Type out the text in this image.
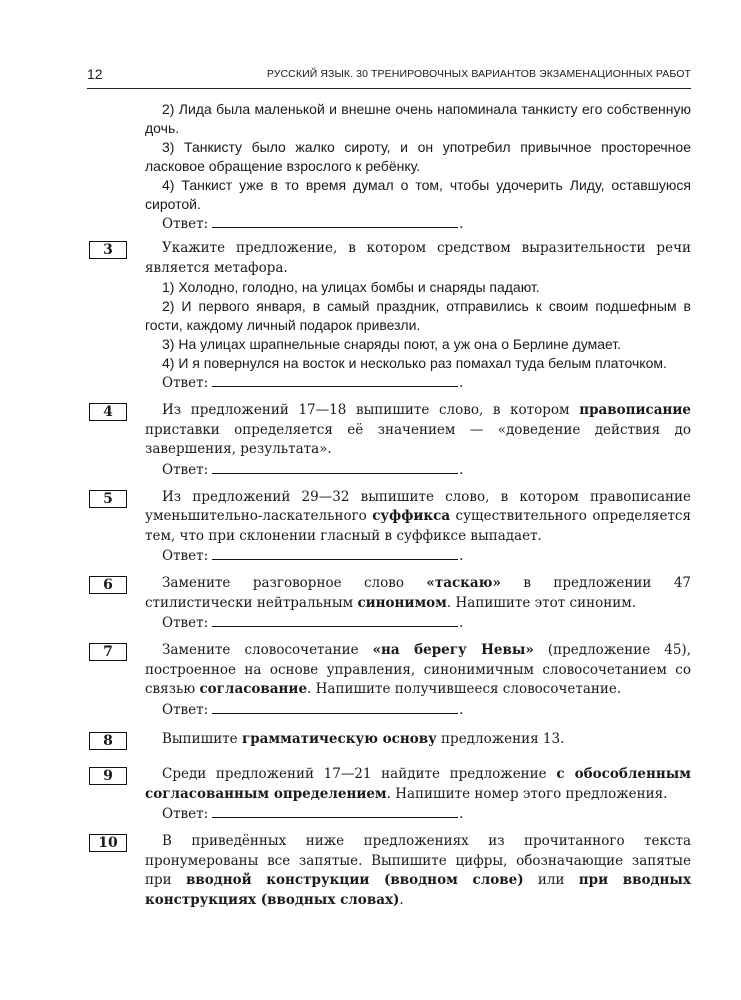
12	РУССКИЙ ЯЗЫК. 30 ТРЕНИРОВОЧНЫХ ВАРИАНТОВ ЭКЗАМЕНАЦИОННЫХ РАБОТ

2) Лида была маленькой и внешне очень напоминала танкисту его собственную дочь.

3) Танкисту было жалко сироту, и он употребил привычное просторечное ласковое обращение взрослого к ребёнку.

4) Танкист уже в то время думал о том, чтобы удочерить Лиду, оставшуюся сиротой.

Ответ:	.
3	Укажите предложение, в котором средством выразительности речи является метафора.

1) Холодно, голодно, на улицах бомбы и снаряды падают.

2) И первого января, в самый праздник, отправились к своим подшефным в гости, каждому личный подарок привезли.

3) На улицах шрапнельные снаряды поют, а уж она о Берлине думает.

4) И я повернулся на восток и несколько раз помахал туда белым платочком.

Ответ:	.
4	Из предложений 17—18 выпишите слово, в котором правописание приставки определяется её значением — «доведение действия до завершения, результата».

Ответ:	.
5	Из предложений 29—32 выпишите слово, в котором правописание уменьшительно-ласкательного суффикса существительного определяется тем, что при склонении гласный в суффиксе выпадает.

Ответ:	.
6	Замените разговорное слово «таскаю» в предложении 47 стилистически нейтральным синонимом. Напишите этот синоним.

Ответ:	.
7	Замените словосочетание «на берегу Невы» (предложение 45), построенное на основе управления, синонимичным словосочетанием со связью согласование. Напишите получившееся словосочетание.

Ответ:	.
8	Выпишите грамматическую основу предложения 13.

9	Среди предложений 17—21 найдите предложение с обособленным согласованным определением. Напишите номер этого предложения.

Ответ:	.
10	В приведённых ниже предложениях из прочитанного текста пронумерованы все запятые. Выпишите цифры, обозначающие запятые при вводной конструкции (вводном слове) или при вводных конструкциях (вводных словах).
